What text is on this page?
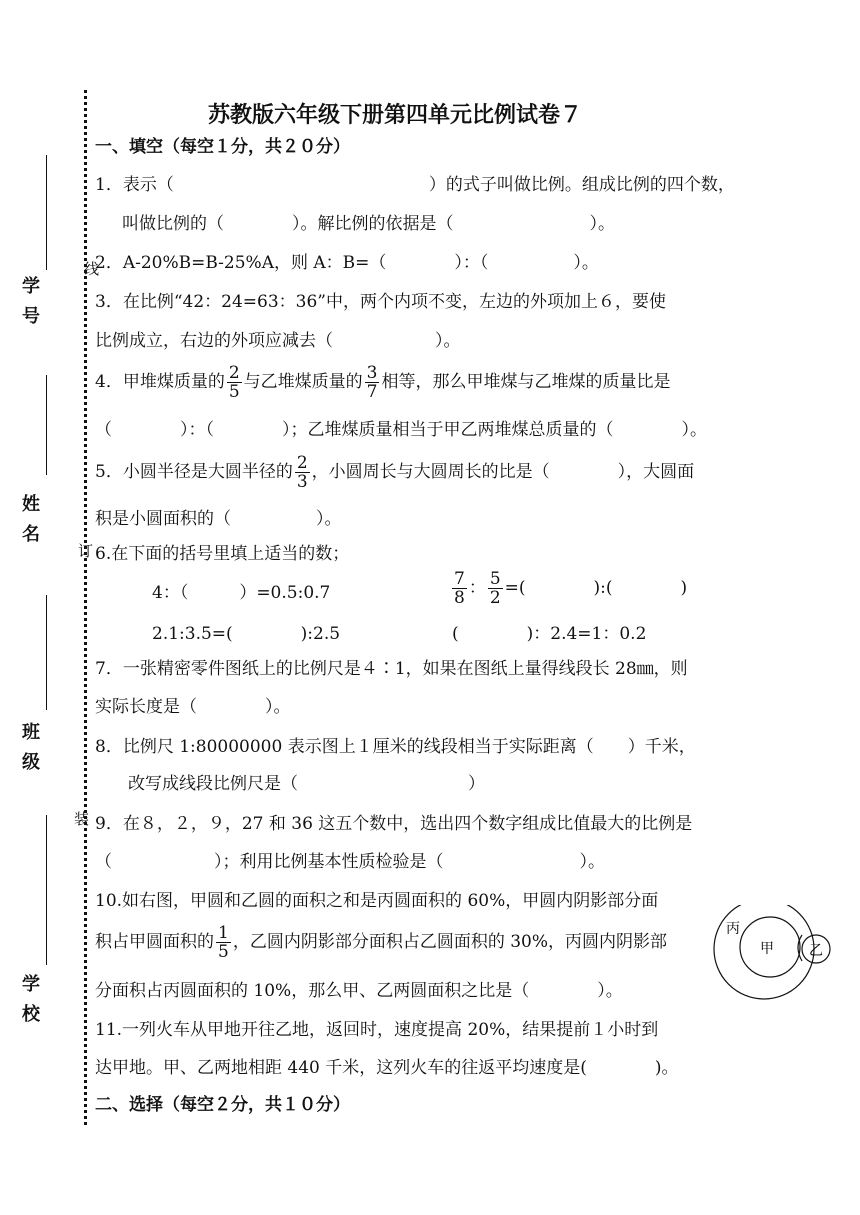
学　号
姓　名
班　级
学　校
线
订
装
苏教版六年级下册第四单元比例试卷７
一、填空（每空１分，共２０分）
1．表示（　　　　　　　　　　　　　　　）的式子叫做比例。组成比例的四个数，
叫做比例的（　　　　）。解比例的依据是（　　　　　　　　）。
2．A-20%B=B-25%A，则 A：B=（　　　　）：（　　　　　）。
3．在比例“42：24=63：36”中，两个内项不变，左边的外项加上６，要使
比例成立，右边的外项应减去（　　　　　　）。
4．甲堆煤质量的 $\frac{2}{5}$ 与乙堆煤质量的 $\frac{3}{7}$ 相等，那么甲堆煤与乙堆煤的质量比是
（　　　　）：（　　　　）；乙堆煤质量相当于甲乙两堆煤总质量的（　　　　）。
5．小圆半径是大圆半径的 $\frac{2}{3}$ ，小圆周长与大圆周长的比是（　　　　），大圆面
积是小圆面积的（　　　　　）。
6.在下面的括号里填上适当的数；
4：（　　　）=0.5:0.7	$\frac{7}{8}$ ： $\frac{5}{2}$ =(　　　　):(　　　　)
2.1:3.5=(　　　　):2.5	(　　　　)：2.4=1：0.2
7．一张精密零件图纸上的比例尺是４∶1，如果在图纸上量得线段长 28㎜，则
实际长度是（　　　　）。
8．比例尺 1:80000000 表示图上１厘米的线段相当于实际距离（　　）千米，
改写成线段比例尺是（　　　　　　　　　　）
9．在８，２，９，27 和 36 这五个数中，选出四个数字组成比值最大的比例是
（　　　　　　）；利用比例基本性质检验是（　　　　　　　　）。
10.如右图，甲圆和乙圆的面积之和是丙圆面积的 60%，甲圆内阴影部分面
积占甲圆面积的 $\frac{1}{5}$ ，乙圆内阴影部分面积占乙圆面积的 30%，丙圆内阴影部
分面积占丙圆面积的 10%，那么甲、乙两圆面积之比是（　　　　）。
丙
甲	乙
11.一列火车从甲地开往乙地，返回时，速度提高 20%，结果提前１小时到
达甲地。甲、乙两地相距 440 千米，这列火车的往返平均速度是(　　　　)。
二、选择（每空２分，共１０分）
